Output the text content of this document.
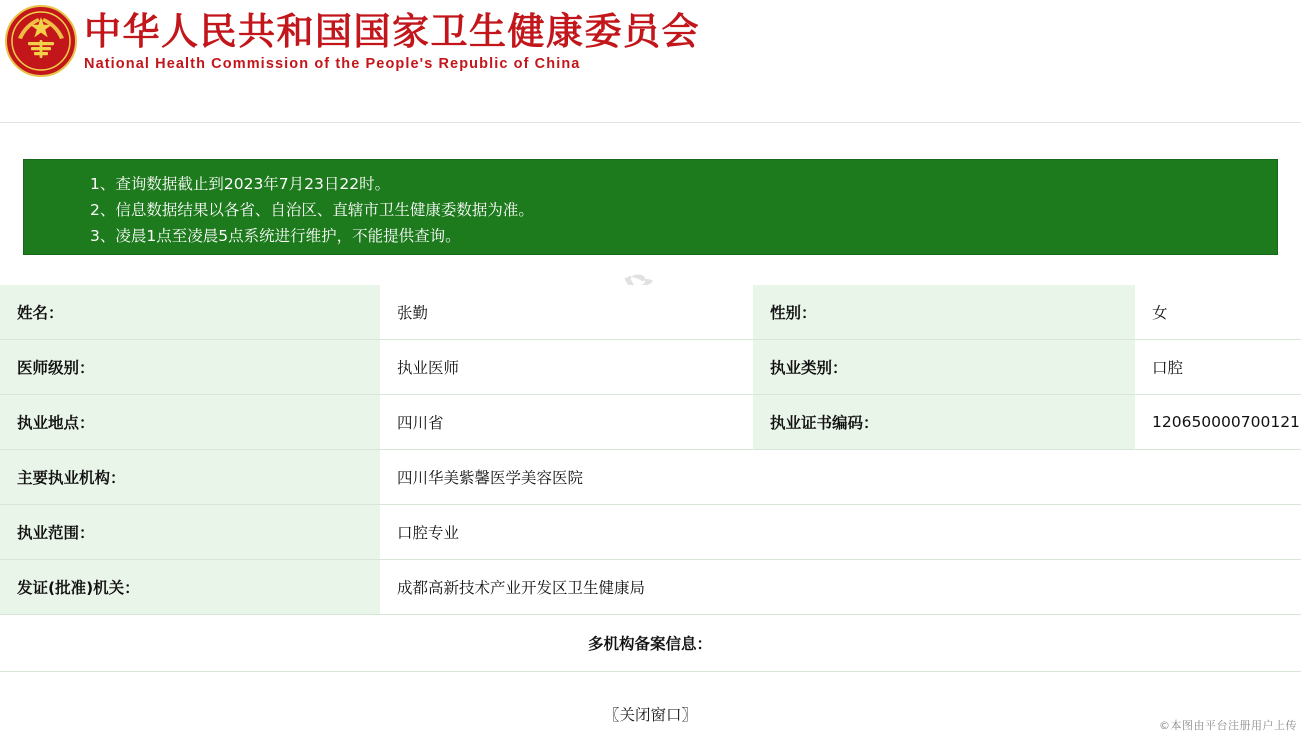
中华人民共和国国家卫生健康委员会
National Health Commission of the People's Republic of China
1、查询数据截止到2023年7月23日22时。
2、信息数据结果以各省、自治区、直辖市卫生健康委数据为准。
3、凌晨1点至凌晨5点系统进行维护，不能提供查询。
姓名：	张勤	性别：	女
医师级别：	执业医师	执业类别：	口腔
执业地点：	四川省	执业证书编码：	120650000700121
主要执业机构：	四川华美紫馨医学美容医院		
执业范围：	口腔专业		
发证(批准)机关：	成都高新技术产业开发区卫生健康局		
多机构备案信息：			
〖关闭窗口〗
©本图由平台注册用户上传
